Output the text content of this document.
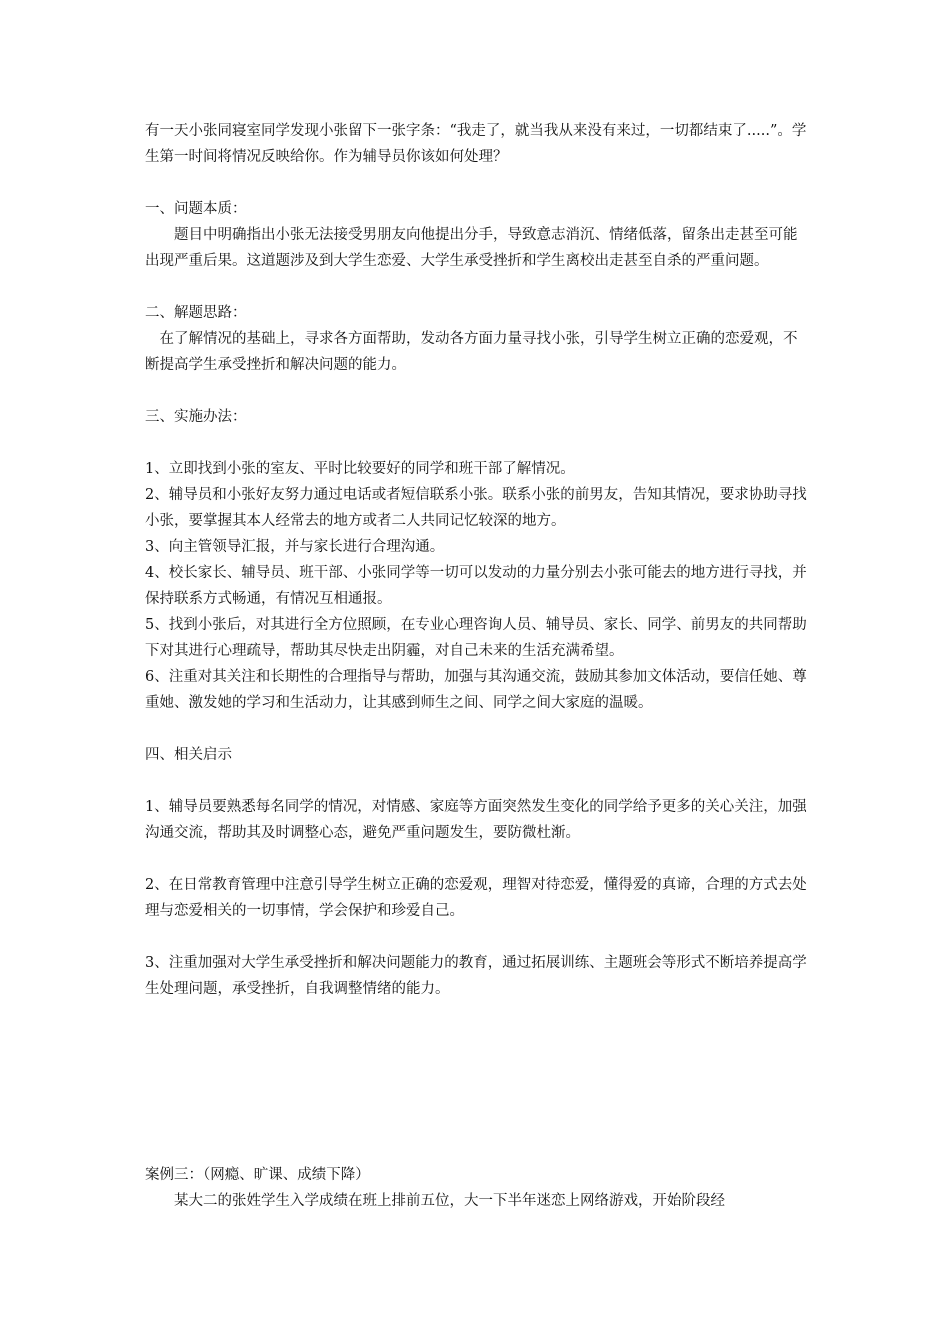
有一天小张同寝室同学发现小张留下一张字条：“我走了，就当我从来没有来过，一切都结束了.....”。学生第一时间将情况反映给你。作为辅导员你该如何处理？

一、问题本质：

题目中明确指出小张无法接受男朋友向他提出分手，导致意志消沉、情绪低落，留条出走甚至可能出现严重后果。这道题涉及到大学生恋爱、大学生承受挫折和学生离校出走甚至自杀的严重问题。

二、解题思路：

在了解情况的基础上，寻求各方面帮助，发动各方面力量寻找小张，引导学生树立正确的恋爱观，不断提高学生承受挫折和解决问题的能力。

三、实施办法：

1、立即找到小张的室友、平时比较要好的同学和班干部了解情况。

2、辅导员和小张好友努力通过电话或者短信联系小张。联系小张的前男友，告知其情况，要求协助寻找小张，要掌握其本人经常去的地方或者二人共同记忆较深的地方。

3、向主管领导汇报，并与家长进行合理沟通。

4、校长家长、辅导员、班干部、小张同学等一切可以发动的力量分别去小张可能去的地方进行寻找，并保持联系方式畅通，有情况互相通报。

5、找到小张后，对其进行全方位照顾，在专业心理咨询人员、辅导员、家长、同学、前男友的共同帮助下对其进行心理疏导，帮助其尽快走出阴霾，对自己未来的生活充满希望。

6、注重对其关注和长期性的合理指导与帮助，加强与其沟通交流，鼓励其参加文体活动，要信任她、尊重她、激发她的学习和生活动力，让其感到师生之间、同学之间大家庭的温暖。

四、相关启示

1、辅导员要熟悉每名同学的情况，对情感、家庭等方面突然发生变化的同学给予更多的关心关注，加强沟通交流，帮助其及时调整心态，避免严重问题发生，要防微杜渐。

2、在日常教育管理中注意引导学生树立正确的恋爱观，理智对待恋爱，懂得爱的真谛，合理的方式去处理与恋爱相关的一切事情，学会保护和珍爱自己。

3、注重加强对大学生承受挫折和解决问题能力的教育，通过拓展训练、主题班会等形式不断培养提高学生处理问题，承受挫折，自我调整情绪的能力。

案例三：（网瘾、旷课、成绩下降）

某大二的张姓学生入学成绩在班上排前五位，大一下半年迷恋上网络游戏，开始阶段经
